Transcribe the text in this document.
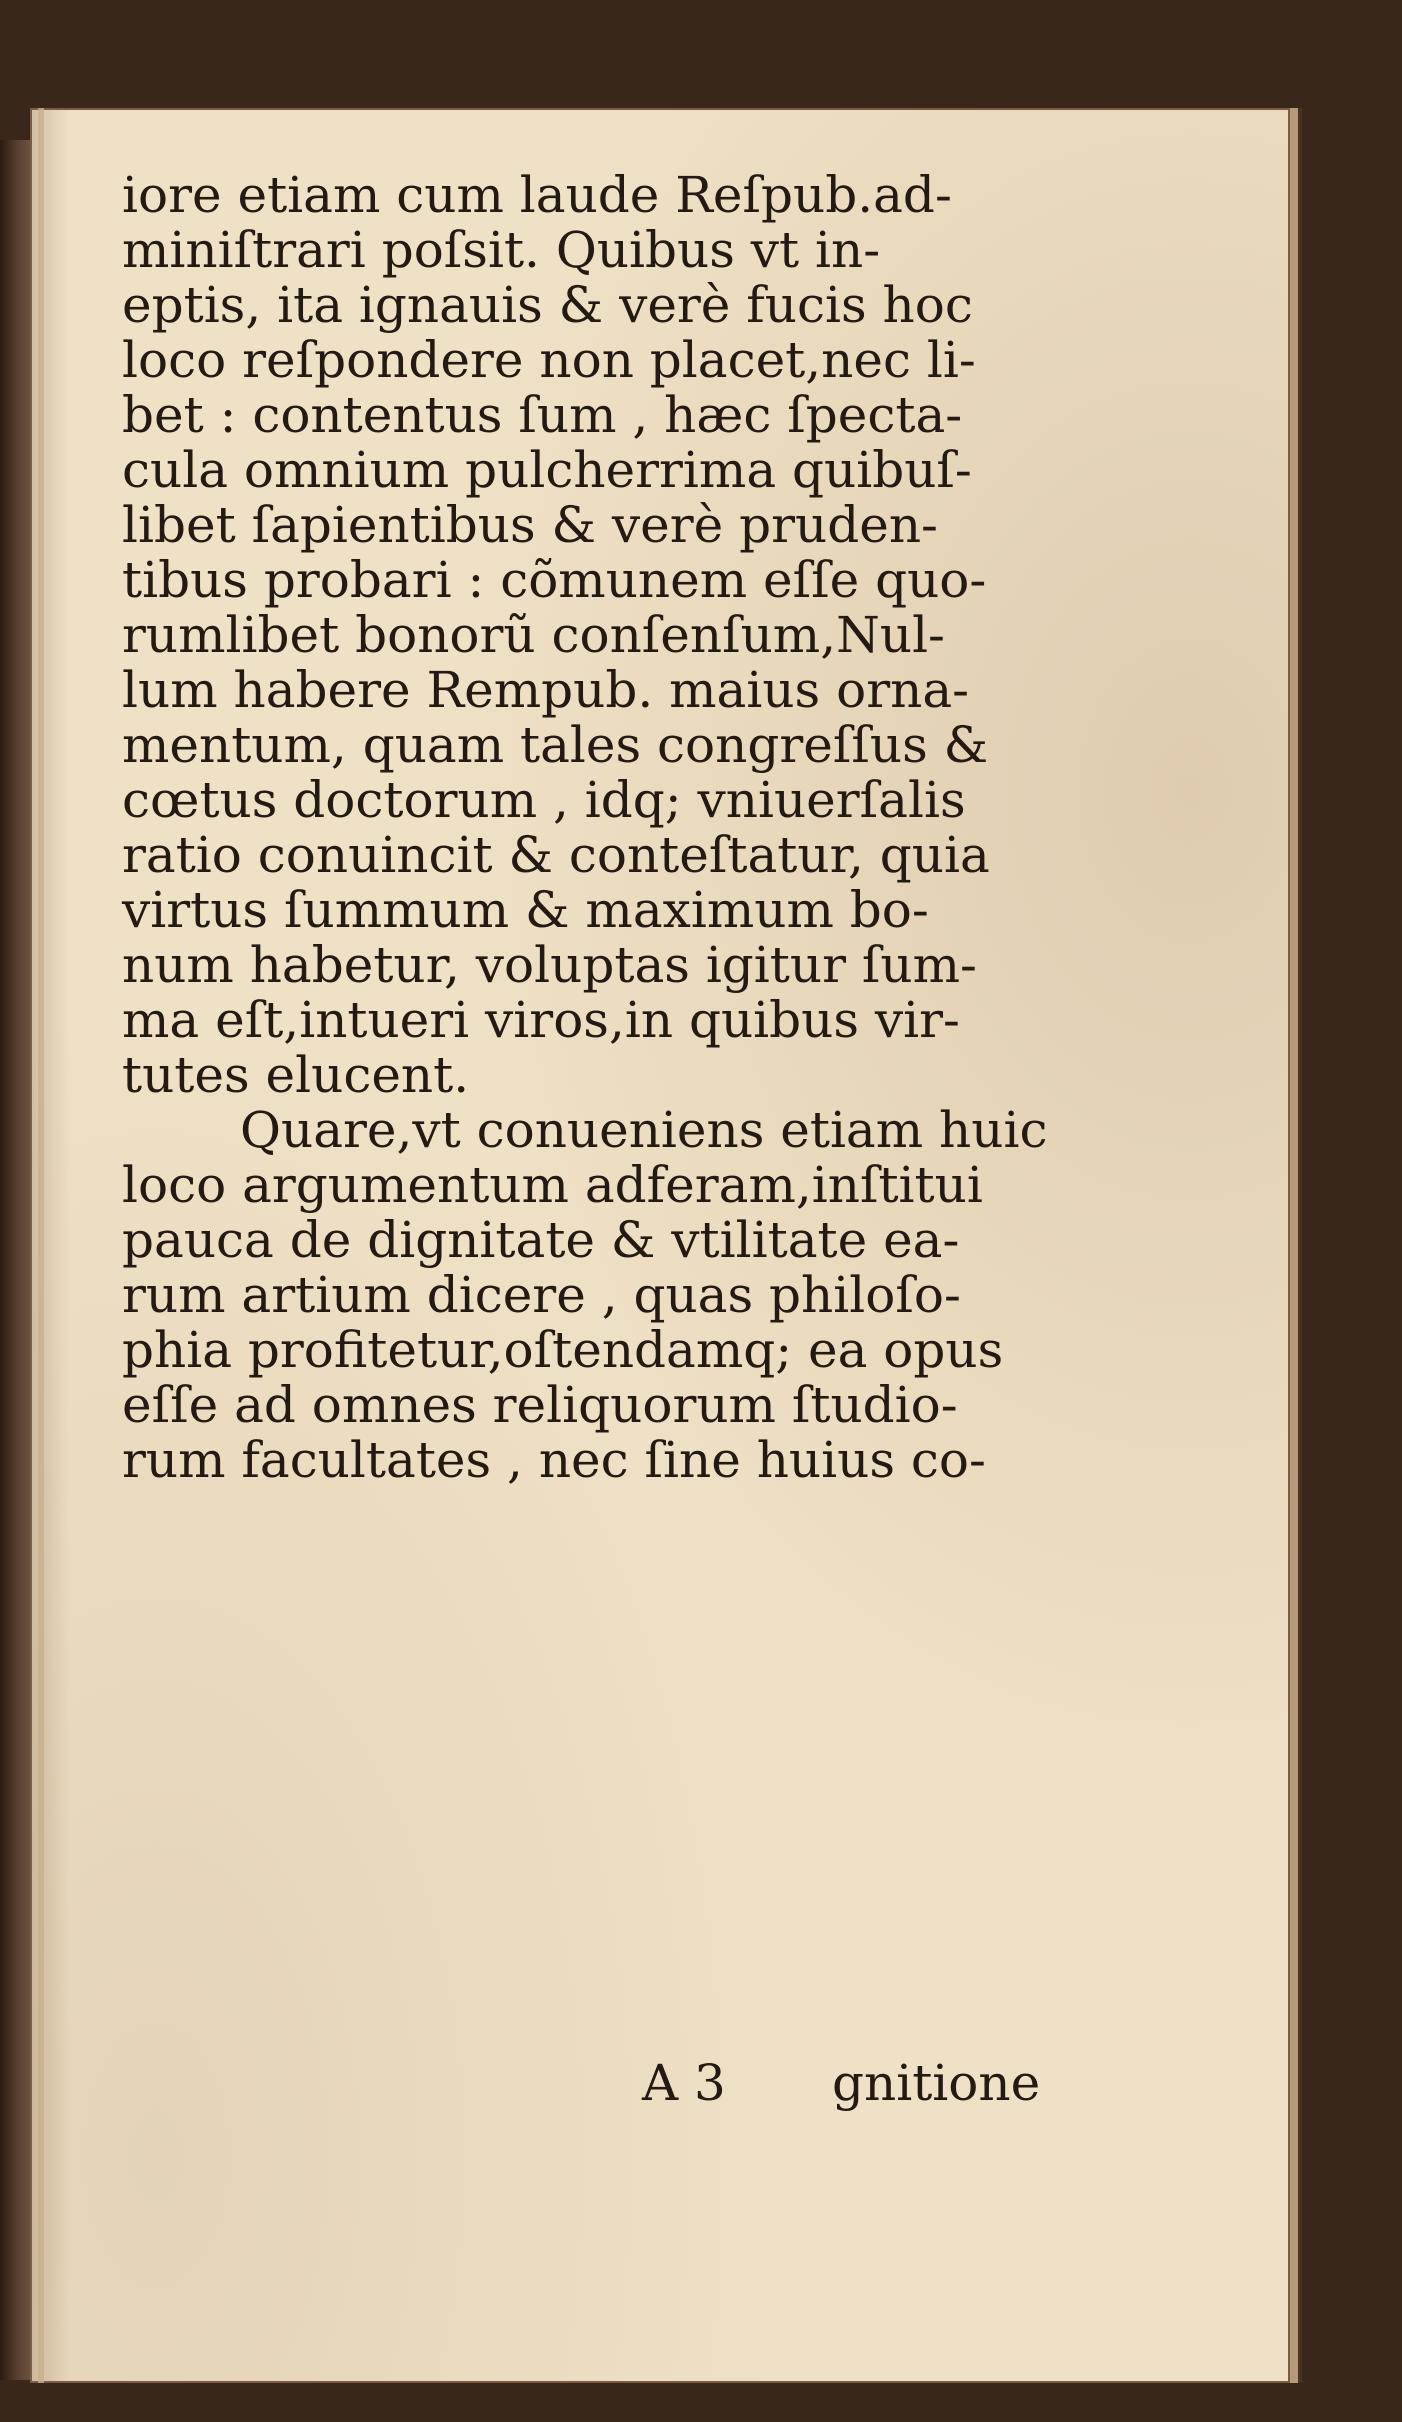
iore etiam cum laude Reſpub.ad-
miniſtrari poſsit. Quibus vt in-
eptis, ita ignauis & verè fucis hoc
loco reſpondere non placet,nec li-
bet : contentus ſum , hæc ſpecta-
cula omnium pulcherrima quibuſ-
libet ſapientibus & verè pruden-
tibus probari : cõmunem eſſe quo-
rumlibet bonorũ conſenſum,Nul-
lum habere Rempub. maius orna-
mentum, quam tales congreſſus &
cœtus doctorum , idq; vniuerſalis
ratio conuincit & conteſtatur, quia
virtus ſummum & maximum bo-
num habetur, voluptas igitur ſum-
ma eſt,intueri viros,in quibus vir-
tutes elucent.
Quare,vt conueniens etiam huic
loco argumentum adferam,inſtitui
pauca de dignitate & vtilitate ea-
rum artium dicere , quas philoſo-
phia profitetur,oſtendamq; ea opus
eſſe ad omnes reliquorum ſtudio-
rum facultates , nec ſine huius co-
A 3 gnitione
